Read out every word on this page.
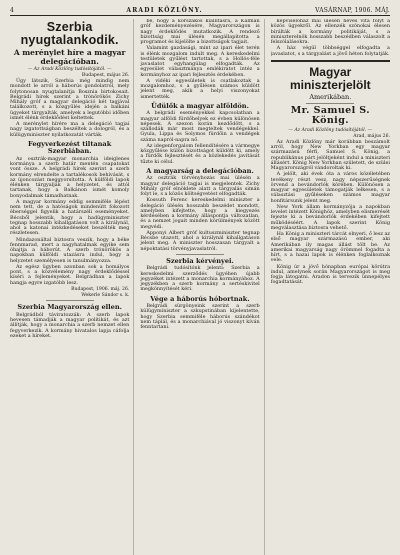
4	ARADI KÖZLÖNY.	VASÁRNAP, 1906. MÁJ.
Szerbia nyugtalankodik.
A merénylet híre a magyar delegációban.
— Az Aradi Közlöny tudósítójától. —
Budapest, május 26.

Úgy látszik, Szerbia még mindig nem mondott le arról a háborús gondolatról, mely folytonosan nyugtalanítja Bosznia birtokosait. Belgrádi hírek szerint a trónörökös Zichy Mihály gróf a magyar delegáció két tagjával találkozott, s a közgyűlés idején a balkáni ügyeket tárgyalták, amelyek a legutóbbi időben ismét élénk érdeklődést keltettek.

A merénylet hírére ma a delegáció tagjai nagy izgatottságban beszéltek a dologról, és a külügyminiszter nyilatkozatát várták.

Fegyverkezést tiltanak Szerbiában.

Az osztrák-magyar monarchia ideiglenes kormánya a szerb határ mentén csapatokat vont össze. A belgrádi hírek szerint a szerb kormány elrendelte a tartalékosok behívását, s az újoncozást meggyorsította. A külföldi lapok élénken tárgyalják a helyzetet, és attól tartanak, hogy a Balkánon ismét komoly bonyodalmak támadhatnak.

A magyar kormány eddig semmiféle lépést nem tett, de a hatóságok mindenütt fokozott éberséggel figyelik a határszéli eseményeket. Bécsből jelentik, hogy a hadügyminiszter tegnap hosszabb kihallgatáson volt a királynál, ahol a katonai intézkedéseket beszélték meg részletesen.

Mindazonáltal biztosra veszik, hogy a béke fennmarad, mert a nagyhatalmak egyike sem óhajtja a háborút. A szerb trónörökös a napokban külföldi utazásra indul, hogy a helyzetet személyesen is tanulmányozza.

Az egész ügyben azonban sok a homályos pont, s a közvélemény nagy érdeklődéssel kíséri a fejleményeket. Belgrádban a lapok hangja egyre izgatóbb lesz.

Budapest, 1906. máj. 26.
Wekerle Sándor s. k.
Szerbia Magyarország ellen.

Belgrádból táviratozzák: A szerb lapok hevesen támadják a magyar politikát, és azt állítják, hogy a monarchia a szerb nemzet ellen fegyverkezik. A kormány hivatalos lapja cáfolja ezeket a híreket.

be, hogy a korszakos kiállításra, a Kálmán gróf kezdeményezésére, Magyarországon is nagy érdeklődés mutatkozik. A rendező bizottság mai ülésén megállapította a programot és kijelölte a bizottságok tagjait.

Valamint gazdasági, mint az ipari élet terén is élénk mozgalom indult meg. A kereskedelmi testületek gyűlést tartottak, s a Hollós-féle javaslatot egyhangúlag elfogadták. Az egyesület választmánya emlékiratot intéz a kormányhoz az ipari fejlesztés érdekében.

A vidéki egyesületek is csatlakoztak a mozgalomhoz, s a gyűlésen számos küldött jelent meg, akik a helyi viszonyokat ismertették.

Üdülők a magyar alföldön.

A belgrádi eseményekkel kapcsolatban a magyar alföldi fürdőhelyek ez évben különösen népesek. A szezon korán kezdődött, s a szállodák már most megteltek vendégekkel. Gyula, Lippa és Solymos fürdőin a vendégek száma napról-napra nő.

Az idegenforgalom fellendítésére a vármegye közgyűlése külön bizottságot küldött ki, amely a fürdők fejlesztését és a közlekedés javítását tűzte ki célul.

A magyarság a delegációban.

Az osztrák törvényhozás mai ülésén a magyar delegáció tagjai is megjelentek. Zichy Mihály gróf elnöklete alatt a tárgyalás simán folyt le, s a közös költségvetést elfogadták.

Kossuth Ferenc kereskedelmi miniszter a delegáció ülésén hosszabb beszédet mondott, amelyben kifejtette, hogy a kiegyezés kérdésében a kormány álláspontja változatlan, és a nemzet jogait minden körülmények között megvédi.

Apponyi Albert gróf kultuszminiszter tegnap Bécsbe utazott, ahol a királynál kihallgatáson jelent meg. A miniszter hosszasan tárgyalt a népoktatási törvényjavaslatról.

Szerbia kérvényei.

Belgrádi tudósítónk jelenti: Szerbia a kereskedelmi szerződés ügyében újabb jegyzéket intézett a monarchia kormányához. A jegyzékben a szerb kormány a sertéskivitel megkönnyítését kéri.

Vége a háborús hóbortnak.

Belgrádi sürgönyeink szerint a szerb külügyminiszter a szkupstinában kijelentette, hogy Szerbia semmiféle háborús szándékot nem táplál, és a monarchiával jó viszonyt kíván fenntartani.

képviselőház mai ülésén heves vita folyt a közös ügyekről. Az ellenzék szónokai élesen bírálták a kormány politikáját, s a miniszterelnök hosszabb beszédben válaszolt a felszólalásokra.

A ház végül többséggel elfogadta a javaslatot, s a tárgyalást a jövő héten folytatják.

Magyar miniszterjelölt
Amerikában.
Mr. Samuel S. König.
— Az Aradi Közlöny tudósítójától. —
Arad, május 26.

Az Aradi Közlöny már korábban beszámolt arról, hogy New Yorkban egy magyar származású férfi, Samuel S. König, a republikánus párt jelöltjeként indul a miniszteri állásért. König New Yorkban született, de szülei Magyarországról vándoroltak ki.

A jelölt, aki évek óta a város közéletében tevékeny részt vesz, nagy népszerűségnek örvend a bevándorlók körében. Különösen a magyar egyesületek támogatják lelkesen, s a választási gyűléseken számos magyar honfitársunk jelent meg.

New York állam kormányzója a napokban levelet intézett Könighöz, amelyben elismerését fejezte ki a bevándorlók érdekében kifejtett működéséért. A lapok szerint König megválasztása biztosra vehető.

Ha König a miniszteri tárcát elnyeri, ő lesz az első magyar származású ember, aki Amerikában ily magas állást tölt be. Az amerikai magyarság nagy örömmel fogadta a hírt, s a hazai lapok is élénken foglalkoznak vele.

König úr a jövő hónapban európai körútra indul, amelynek során Magyarországot is meg fogja látogatni. Aradon is tervezik ünnepélyes fogadtatását.
